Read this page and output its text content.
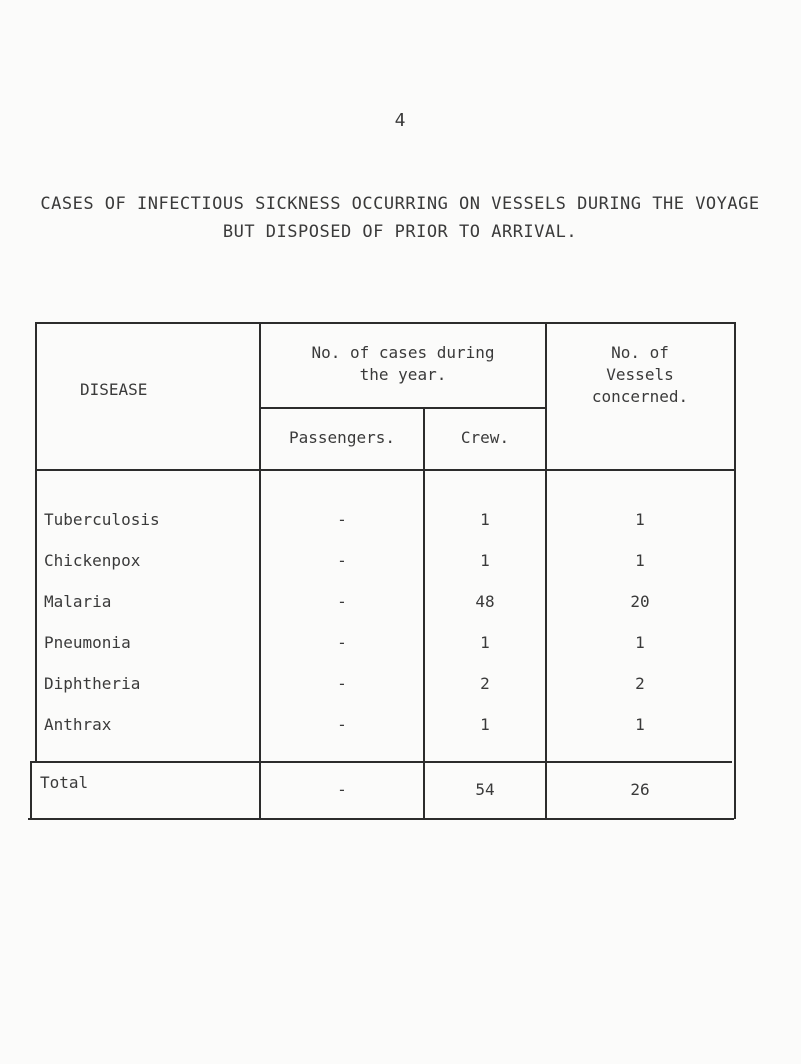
4
CASES OF INFECTIOUS SICKNESS OCCURRING ON VESSELS DURING THE VOYAGE
BUT DISPOSED OF PRIOR TO ARRIVAL.
DISEASE
No. of cases during
the year.
No. of
Vessels
concerned.
Passengers.	Crew.
Tuberculosis	-	1	1
Chickenpox	-	1	1
Malaria	-	48	20
Pneumonia	-	1	1
Diphtheria	-	2	2
Anthrax	-	1	1
Total	-	54	26
